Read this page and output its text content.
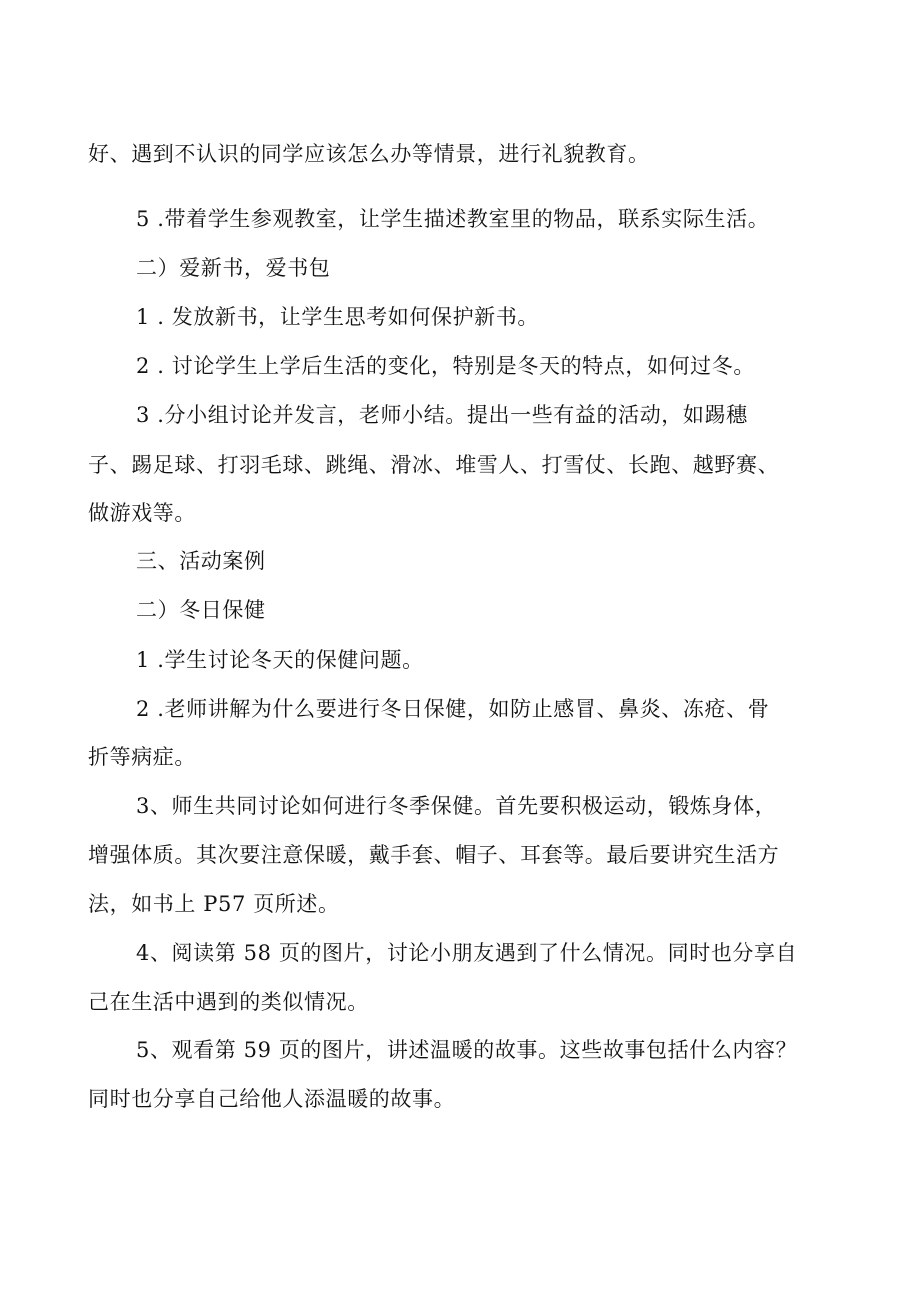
好、遇到不认识的同学应该怎么办等情景，进行礼貌教育。
5 .带着学生参观教室，让学生描述教室里的物品，联系实际生活。
二）爱新书，爱书包
1 . 发放新书，让学生思考如何保护新书。
2 . 讨论学生上学后生活的变化，特别是冬天的特点，如何过冬。
3 .分小组讨论并发言，老师小结。提出一些有益的活动，如踢穗
子、踢足球、打羽毛球、跳绳、滑冰、堆雪人、打雪仗、长跑、越野赛、
做游戏等。
三、活动案例
二）冬日保健
1 .学生讨论冬天的保健问题。
2 .老师讲解为什么要进行冬日保健，如防止感冒、鼻炎、冻疮、骨
折等病症。
3、师生共同讨论如何进行冬季保健。首先要积极运动，锻炼身体，
增强体质。其次要注意保暖，戴手套、帽子、耳套等。最后要讲究生活方
法，如书上 P57 页所述。
4、阅读第 58 页的图片，讨论小朋友遇到了什么情况。同时也分享自
己在生活中遇到的类似情况。
5、观看第 59 页的图片，讲述温暖的故事。这些故事包括什么内容？
同时也分享自己给他人添温暖的故事。
